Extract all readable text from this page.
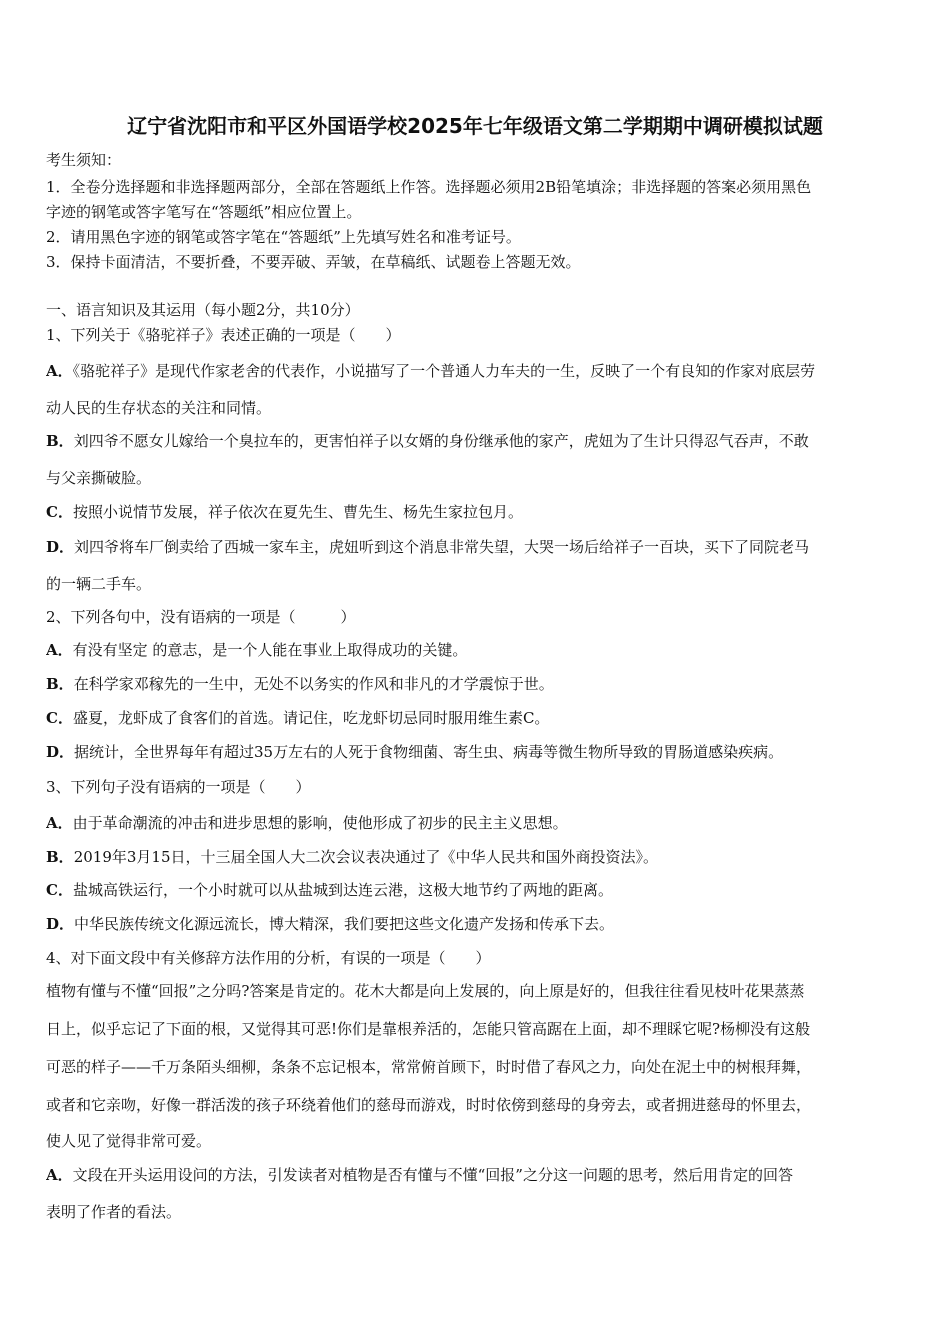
辽宁省沈阳市和平区外国语学校2025年七年级语文第二学期期中调研模拟试题
考生须知：
1．全卷分选择题和非选择题两部分，全部在答题纸上作答。选择题必须用2B铅笔填涂；非选择题的答案必须用黑色
字迹的钢笔或答字笔写在“答题纸”相应位置上。
2．请用黑色字迹的钢笔或答字笔在“答题纸”上先填写姓名和准考证号。
3．保持卡面清洁，不要折叠，不要弄破、弄皱，在草稿纸、试题卷上答题无效。
一、语言知识及其运用（每小题2分，共10分）
1、下列关于《骆驼祥子》表述正确的一项是（　　）
A．《骆驼祥子》是现代作家老舍的代表作，小说描写了一个普通人力车夫的一生，反映了一个有良知的作家对底层劳
动人民的生存状态的关注和同情。
B．刘四爷不愿女儿嫁给一个臭拉车的，更害怕祥子以女婿的身份继承他的家产，虎妞为了生计只得忍气吞声，不敢
与父亲撕破脸。
C．按照小说情节发展，祥子依次在夏先生、曹先生、杨先生家拉包月。
D．刘四爷将车厂倒卖给了西城一家车主，虎妞听到这个消息非常失望，大哭一场后给祥子一百块，买下了同院老马
的一辆二手车。
2、下列各句中，没有语病的一项是（　　　）
A．有没有坚定 的意志，是一个人能在事业上取得成功的关键。
B．在科学家邓稼先的一生中，无处不以务实的作风和非凡的才学震惊于世。
C．盛夏，龙虾成了食客们的首选。请记住，吃龙虾切忌同时服用维生素C。
D．据统计，全世界每年有超过35万左右的人死于食物细菌、寄生虫、病毒等微生物所导致的胃肠道感染疾病。
3、下列句子没有语病的一项是（　　）
A．由于革命潮流的冲击和进步思想的影响，使他形成了初步的民主主义思想。
B．2019年3月15日，十三届全国人大二次会议表决通过了《中华人民共和国外商投资法》。
C．盐城高铁运行，一个小时就可以从盐城到达连云港，这极大地节约了两地的距离。
D．中华民族传统文化源远流长，博大精深，我们要把这些文化遗产发扬和传承下去。
4、对下面文段中有关修辞方法作用的分析，有误的一项是（　　）
植物有懂与不懂“回报”之分吗?答案是肯定的。花木大都是向上发展的，向上原是好的，但我往往看见枝叶花果蒸蒸
日上，似乎忘记了下面的根，又觉得其可恶!你们是靠根养活的，怎能只管高踞在上面，却不理睬它呢?杨柳没有这般
可恶的样子——千万条陌头细柳，条条不忘记根本，常常俯首顾下，时时借了春风之力，向处在泥土中的树根拜舞，
或者和它亲吻，好像一群活泼的孩子环绕着他们的慈母而游戏，时时依傍到慈母的身旁去，或者拥进慈母的怀里去，
使人见了觉得非常可爱。
A．文段在开头运用设问的方法，引发读者对植物是否有懂与不懂“回报”之分这一问题的思考，然后用肯定的回答
表明了作者的看法。
